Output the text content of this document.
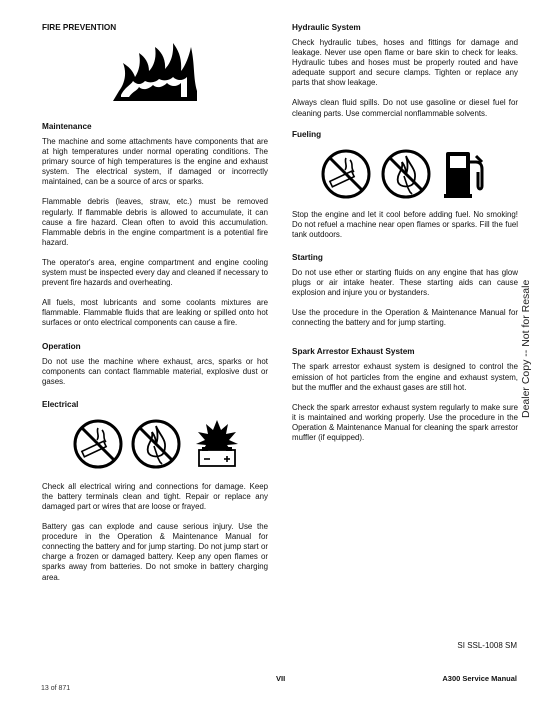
FIRE PREVENTION
Maintenance

The machine and some attachments have components that are at high temperatures under normal operating conditions. The primary source of high temperatures is the engine and exhaust system. The electrical system, if damaged or incorrectly maintained, can be a source of arcs or sparks.

Flammable debris (leaves, straw, etc.) must be removed regularly. If flammable debris is allowed to accumulate, it can cause a fire hazard. Clean often to avoid this accumulation. Flammable debris in the engine compartment is a potential fire hazard.

The operator's area, engine compartment and engine cooling system must be inspected every day and cleaned if necessary to prevent fire hazards and overheating.

All fuels, most lubricants and some coolants mixtures are flammable. Flammable fluids that are leaking or spilled onto hot surfaces or onto electrical components can cause a fire.

Operation

Do not use the machine where exhaust, arcs, sparks or hot components can contact flammable material, explosive dust or gases.

Electrical

Check all electrical wiring and connections for damage. Keep the battery terminals clean and tight. Repair or replace any damaged part or wires that are loose or frayed.

Battery gas can explode and cause serious injury. Use the procedure in the Operation & Maintenance Manual for connecting the battery and for jump starting. Do not jump start or charge a frozen or damaged battery. Keep any open flames or sparks away from batteries. Do not smoke in battery charging area.

Hydraulic System

Check hydraulic tubes, hoses and fittings for damage and leakage. Never use open flame or bare skin to check for leaks. Hydraulic tubes and hoses must be properly routed and have adequate support and secure clamps. Tighten or replace any parts that show leakage.

Always clean fluid spills. Do not use gasoline or diesel fuel for cleaning parts. Use commercial nonflammable solvents.

Fueling

Stop the engine and let it cool before adding fuel. No smoking! Do not refuel a machine near open flames or sparks. Fill the fuel tank outdoors.

Starting

Do not use ether or starting fluids on any engine that has glow plugs or air intake heater. These starting aids can cause explosion and injure you or bystanders.

Use the procedure in the Operation & Maintenance Manual for connecting the battery and for jump starting.

Spark Arrestor Exhaust System

The spark arrestor exhaust system is designed to control the emission of hot particles from the engine and exhaust system, but the muffler and the exhaust gases are still hot.

Check the spark arrestor exhaust system regularly to make sure it is maintained and working properly. Use the procedure in the Operation & Maintenance Manual for cleaning the spark arrestor muffler (if equipped).

Dealer Copy -- Not for Resale
SI SSL-1008 SM
VII	A300 Service Manual
13 of 871
